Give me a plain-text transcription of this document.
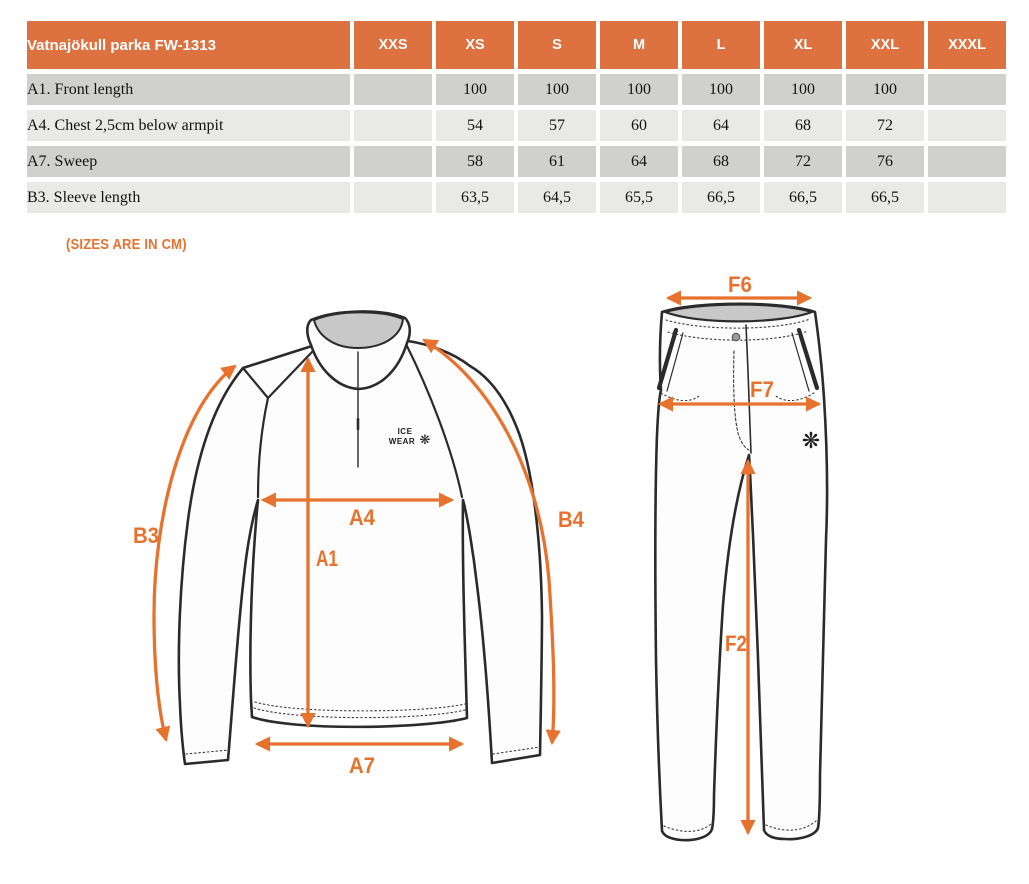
Vatnajökull parka FW-1313	XXS	XS	S	M	L	XL	XXL	XXXL
A1. Front length		100	100	100	100	100	100	
A4. Chest 2,5cm below armpit		54	57	60	64	68	72	
A7. Sweep		58	61	64	68	72	76	
B3. Sleeve length		63,5	64,5	65,5	66,5	66,5	66,5	
(SIZES ARE IN CM)
ICE
WEAR ❋	❋
B3
A4
A1
B4
A7
F6
F7
F2
